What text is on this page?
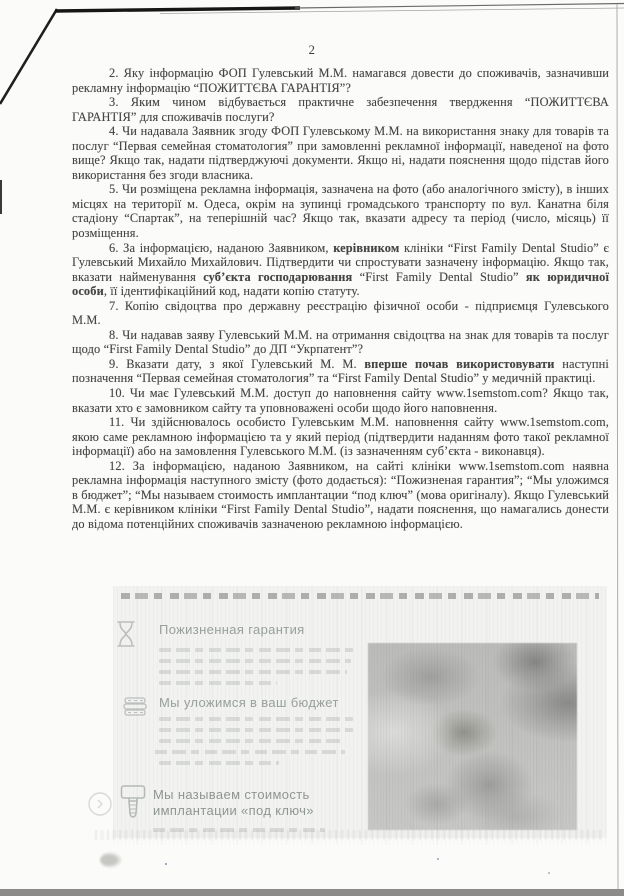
2

2. Яку інформацію ФОП Гулевський М.М. намагався довести до споживачів, зазначивши рекламну інформацію “ПОЖИТТЄВА ГАРАНТІЯ”?

3. Яким чином відбувається практичне забезпечення твердження “ПОЖИТТЄВА ГАРАНТІЯ” для споживачів послуги?

4. Чи надавала Заявник згоду ФОП Гулевському М.М. на використання знаку для товарів та послуг “Первая семейная стоматология” при замовленні рекламної інформації, наведеної на фото вище? Якщо так, надати підтверджуючі документи. Якщо ні, надати пояснення щодо підстав його використання без згоди власника.

5. Чи розміщена рекламна інформація, зазначена на фото (або аналогічного змісту), в інших місцях на території м. Одеса, окрім на зупинці громадського транспорту по вул. Канатна біля стадіону “Спартак”, на теперішній час? Якщо так, вказати адресу та період (число, місяць) її розміщення.

6. За інформацією, наданою Заявником, керівником клініки “First Family Dental Studio” є Гулевський Михайло Михайлович. Підтвердити чи спростувати зазначену інформацію. Якщо так, вказати найменування суб’єкта господарювання “First Family Dental Studio” як юридичної особи, її ідентифікаційний код, надати копію статуту.

7. Копію свідоцтва про державну реєстрацію фізичної особи - підприємця Гулевського М.М.

8. Чи надавав заяву Гулевський М.М. на отримання свідоцтва на знак для товарів та послуг щодо “First Family Dental Studio” до ДП “Укрпатент”?

9. Вказати дату, з якої Гулевський М. М. вперше почав використовувати наступні позначення “Первая семейная стоматология” та “First Family Dental Studio” у медичній практиці.

10. Чи має Гулевський М.М. доступ до наповнення сайту www.1semstom.com? Якщо так, вказати хто є замовником сайту та уповноважені особи щодо його наповнення.

11. Чи здійснювалось особисто Гулевським М.М. наповнення сайту www.1semstom.com, якою саме рекламною інформацією та у який період (підтвердити наданням фото такої рекламної інформації) або на замовлення Гулевського М.М. (із зазначенням суб’єкта - виконавця).

12. За інформацією, наданою Заявником, на сайті клініки www.1semstom.com наявна рекламна інформація наступного змісту (фото додається): “Пожизненая гарантия”; “Мы уложимся в бюджет”; “Мы называем стоимость имплантации “под ключ” (мова оригіналу). Якщо Гулевський М.М. є керівником клініки “First Family Dental Studio”, надати пояснення, що намагались донести до відома потенційних споживачів зазначеною рекламною інформацією.

Пожизненная гарантия
Мы уложимся в ваш бюджет
Мы называем стоимость имплантации «под ключ»
